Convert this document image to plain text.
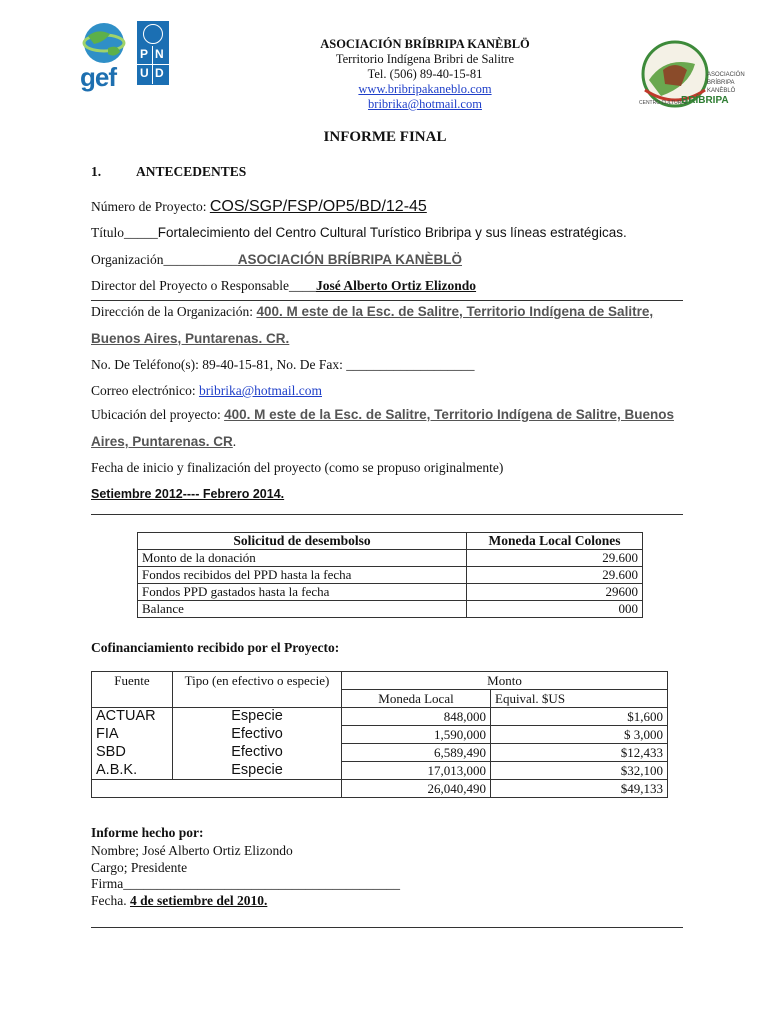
gef
P N
U D	ASOCIACIÓN
BRÍBRIPA
KANÈBLÖ
CENTRO CULTURAL
BRÍBRIPA
ASOCIACIÓN BRÍBRIPA KANÈBLÖ
Territorio Indígena Bribri de Salitre
Tel. (506) 89-40-15-81
www.bribripakaneblo.com
bribrika@hotmail.com
INFORME FINAL
1.	ANTECEDENTES
Número de Proyecto: COS/SGP/FSP/OP5/BD/12-45
Título_____Fortalecimiento del Centro Cultural Turístico Bribripa y sus líneas estratégicas.
Organización___________ASOCIACIÓN BRÍBRIPA KANÈBLÖ
Director del Proyecto o Responsable____José Alberto Ortiz Elizondo
Dirección de la Organización: 400. M este de la Esc. de Salitre, Territorio Indígena de Salitre,
Buenos Aires, Puntarenas. CR.
No. De Teléfono(s): 89-40-15-81, No. De Fax: ___________________
Correo electrónico: bribrika@hotmail.com
Ubicación del proyecto: 400. M este de la Esc. de Salitre, Territorio Indígena de Salitre, Buenos
Aires, Puntarenas. CR.
Fecha de inicio y finalización del proyecto (como se propuso originalmente)
Setiembre 2012---- Febrero 2014.
Solicitud de desembolso	Moneda Local Colones
Monto de la donación	29.600
Fondos recibidos del PPD hasta la fecha	29.600
Fondos PPD gastados hasta la fecha	29600
Balance	000
Cofinanciamiento recibido por el Proyecto:
Fuente	Tipo (en efectivo o especie)	Monto	
		Moneda Local	Equival. $US
ACTUAR	Especie	848,000	$1,600
FIA	Efectivo	1,590,000	$ 3,000
SBD	Efectivo	6,589,490	$12,433
A.B.K.	Especie	17,013,000	$32,100
		26,040,490	$49,133
Informe hecho por:
Nombre; José Alberto Ortiz Elizondo
Cargo; Presidente
Firma_________________________________________
Fecha. 4 de setiembre del 2010.
